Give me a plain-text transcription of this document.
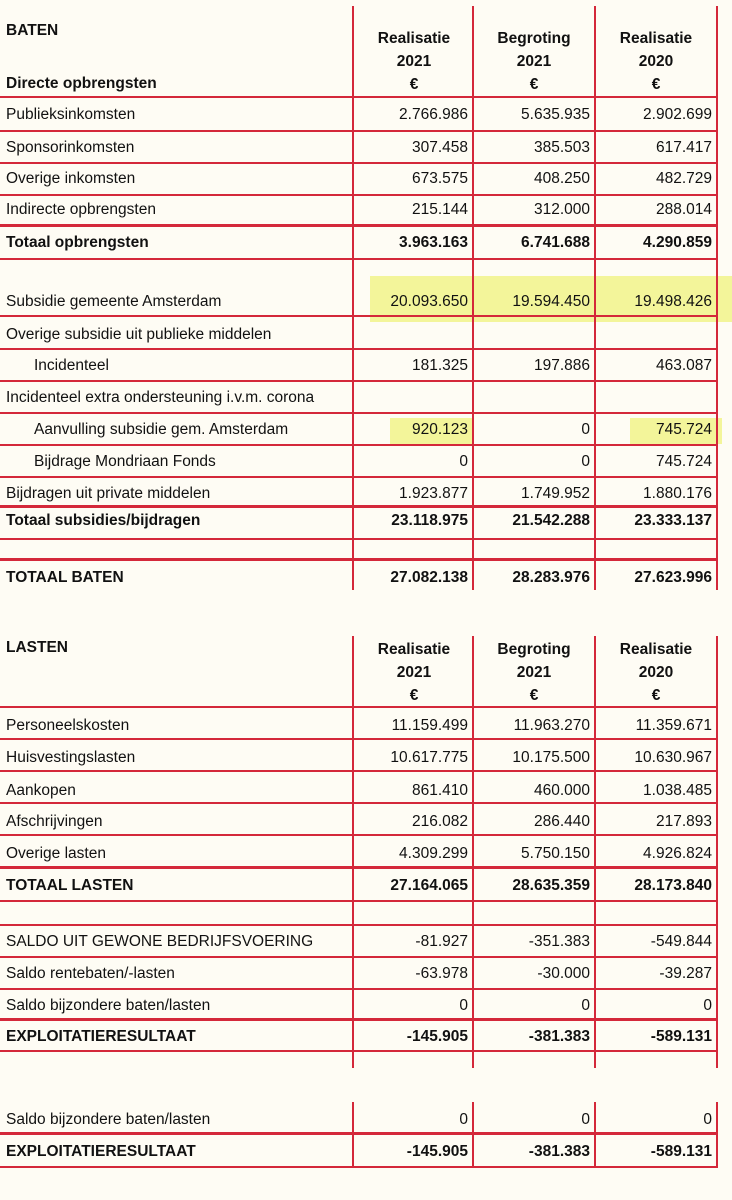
BATEN
Directe opbrengsten
Realisatie
2021
€
Begroting
2021
€
Realisatie
2020
€
Publieksinkomsten	2.766.986	5.635.935	2.902.699
Sponsorinkomsten	307.458	385.503	617.417
Overige inkomsten	673.575	408.250	482.729
Indirecte opbrengsten	215.144	312.000	288.014
Totaal opbrengsten	3.963.163	6.741.688	4.290.859
Subsidie gemeente Amsterdam	20.093.650	19.594.450	19.498.426
Overige subsidie uit publieke middelen
Incidenteel	181.325	197.886	463.087
Incidenteel extra ondersteuning i.v.m. corona
Aanvulling subsidie gem. Amsterdam	920.123	0	745.724
Bijdrage Mondriaan Fonds	0	0	745.724
Bijdragen uit private middelen	1.923.877	1.749.952	1.880.176
Totaal subsidies/bijdragen	23.118.975	21.542.288	23.333.137
TOTAAL BATEN	27.082.138	28.283.976	27.623.996
LASTEN	Realisatie
2021
€
Begroting
2021
€
Realisatie
2020
€
Personeelskosten	11.159.499	11.963.270	11.359.671
Huisvestingslasten	10.617.775	10.175.500	10.630.967
Aankopen	861.410	460.000	1.038.485
Afschrijvingen	216.082	286.440	217.893
Overige lasten	4.309.299	5.750.150	4.926.824
TOTAAL LASTEN	27.164.065	28.635.359	28.173.840
SALDO UIT GEWONE BEDRIJFSVOERING	-81.927	-351.383	-549.844
Saldo rentebaten/-lasten	-63.978	-30.000	-39.287
Saldo bijzondere baten/lasten	0	0	0
EXPLOITATIERESULTAAT	-145.905	-381.383	-589.131
Saldo bijzondere baten/lasten	0	0	0
EXPLOITATIERESULTAAT	-145.905	-381.383	-589.131
